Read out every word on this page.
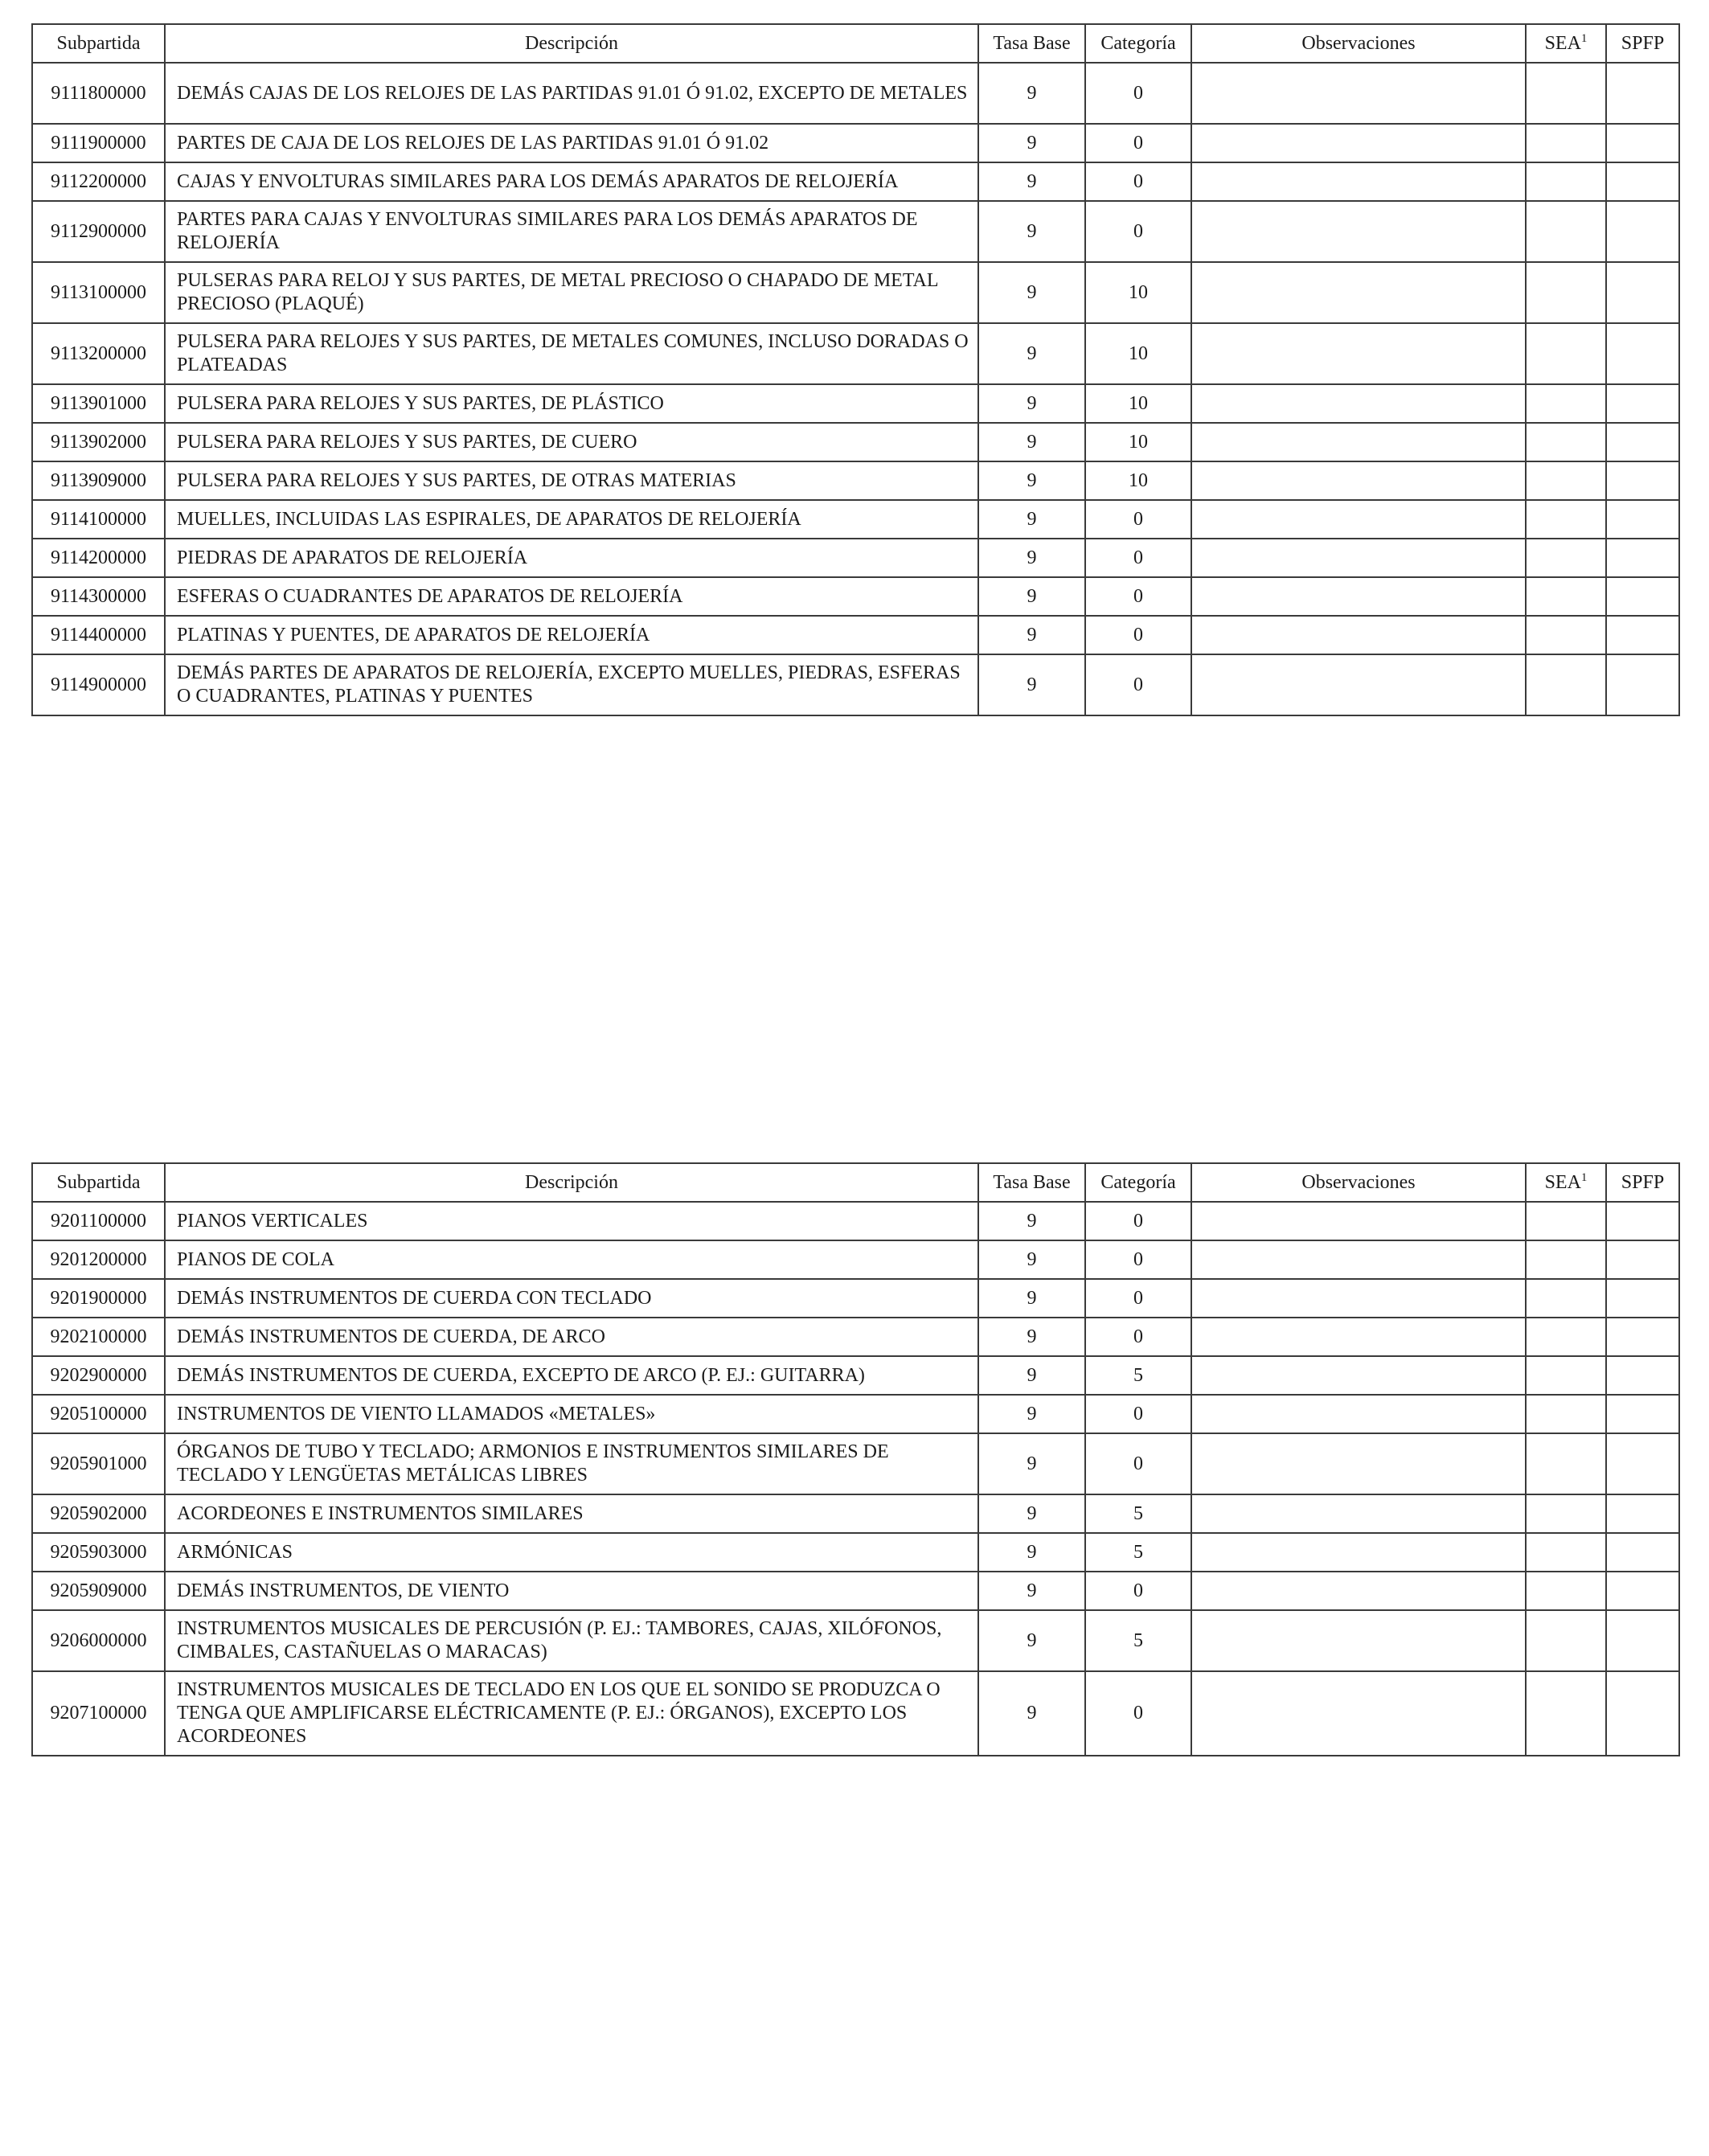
Subpartida	Descripción	Tasa Base	Categoría	Observaciones	SEA$^1$	SPFP
9111800000	DEMÁS CAJAS DE LOS RELOJES DE LAS PARTIDAS 91.01 Ó 91.02, EXCEPTO DE METALES	9	0			
9111900000	PARTES DE CAJA DE LOS RELOJES DE LAS PARTIDAS 91.01 Ó 91.02	9	0			
9112200000	CAJAS Y ENVOLTURAS SIMILARES PARA LOS DEMÁS APARATOS DE RELOJERÍA	9	0			
9112900000	PARTES PARA CAJAS Y ENVOLTURAS SIMILARES PARA LOS DEMÁS APARATOS DE RELOJERÍA	9	0			
9113100000	PULSERAS PARA RELOJ Y SUS PARTES, DE METAL PRECIOSO O CHAPADO DE METAL PRECIOSO (PLAQUÉ)	9	10			
9113200000	PULSERA PARA RELOJES Y SUS PARTES, DE METALES COMUNES, INCLUSO DORADAS O PLATEADAS	9	10			
9113901000	PULSERA PARA RELOJES Y SUS PARTES, DE PLÁSTICO	9	10			
9113902000	PULSERA PARA RELOJES Y SUS PARTES, DE CUERO	9	10			
9113909000	PULSERA PARA RELOJES Y SUS PARTES, DE OTRAS MATERIAS	9	10			
9114100000	MUELLES, INCLUIDAS LAS ESPIRALES, DE APARATOS DE RELOJERÍA	9	0			
9114200000	PIEDRAS DE APARATOS DE RELOJERÍA	9	0			
9114300000	ESFERAS O CUADRANTES DE APARATOS DE RELOJERÍA	9	0			
9114400000	PLATINAS Y PUENTES, DE APARATOS DE RELOJERÍA	9	0			
9114900000	DEMÁS PARTES DE APARATOS DE RELOJERÍA, EXCEPTO MUELLES, PIEDRAS, ESFERAS O CUADRANTES, PLATINAS Y PUENTES	9	0			
Subpartida	Descripción	Tasa Base	Categoría	Observaciones	SEA$^1$	SPFP
9201100000	PIANOS VERTICALES	9	0			
9201200000	PIANOS DE COLA	9	0			
9201900000	DEMÁS INSTRUMENTOS DE CUERDA CON TECLADO	9	0			
9202100000	DEMÁS INSTRUMENTOS DE CUERDA, DE ARCO	9	0			
9202900000	DEMÁS INSTRUMENTOS DE CUERDA, EXCEPTO DE ARCO (P. EJ.: GUITARRA)	9	5			
9205100000	INSTRUMENTOS DE VIENTO LLAMADOS «METALES»	9	0			
9205901000	ÓRGANOS DE TUBO Y TECLADO; ARMONIOS E INSTRUMENTOS SIMILARES DE TECLADO Y LENGÜETAS METÁLICAS LIBRES	9	0			
9205902000	ACORDEONES E INSTRUMENTOS SIMILARES	9	5			
9205903000	ARMÓNICAS	9	5			
9205909000	DEMÁS INSTRUMENTOS, DE VIENTO	9	0			
9206000000	INSTRUMENTOS MUSICALES DE PERCUSIÓN (P. EJ.: TAMBORES, CAJAS, XILÓFONOS, CIMBALES, CASTAÑUELAS O MARACAS)	9	5			
9207100000	INSTRUMENTOS MUSICALES DE TECLADO EN LOS QUE EL SONIDO SE PRODUZCA O TENGA QUE AMPLIFICARSE ELÉCTRICAMENTE (P. EJ.: ÓRGANOS), EXCEPTO LOS ACORDEONES	9	0			
